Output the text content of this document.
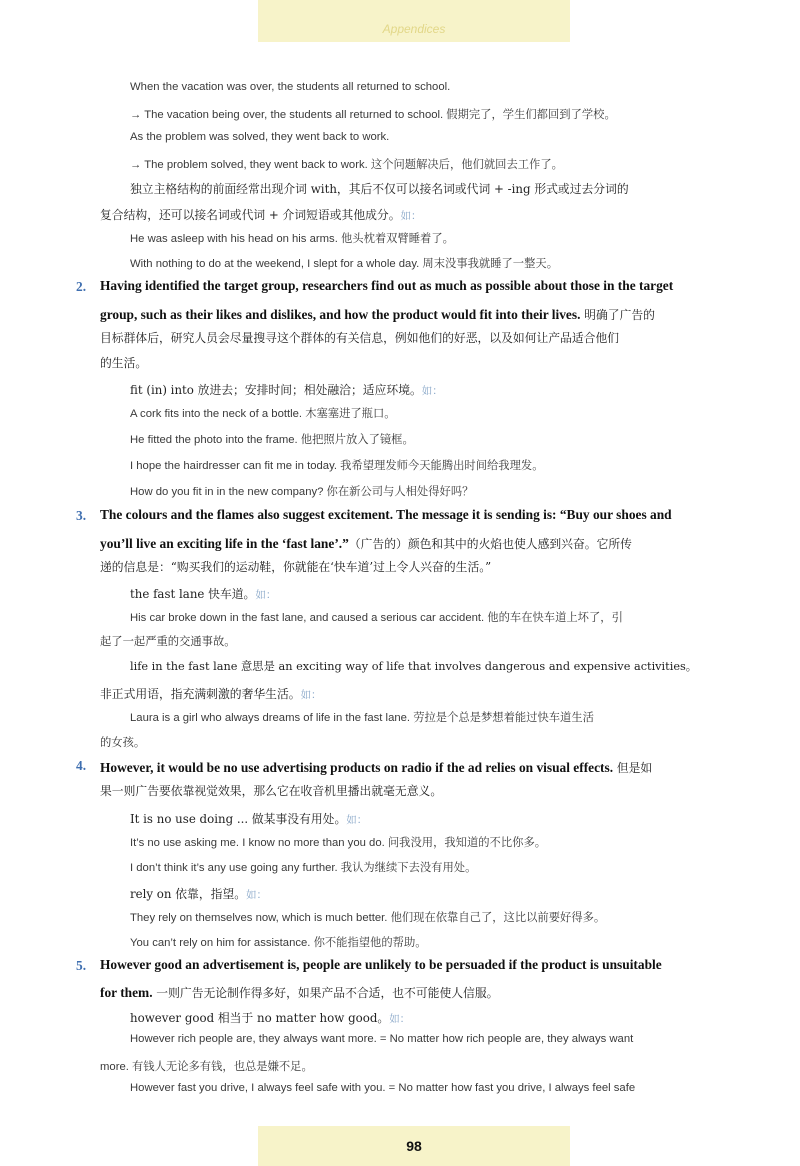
Appendices
When the vacation was over, the students all returned to school.
→ The vacation being over, the students all returned to school. 假期完了，学生们都回到了学校。
As the problem was solved, they went back to work.
→ The problem solved, they went back to work. 这个问题解决后，他们就回去工作了。
独立主格结构的前面经常出现介词 with，其后不仅可以接名词或代词 + -ing 形式或过去分词的
复合结构，还可以接名词或代词 + 介词短语或其他成分。如：
He was asleep with his head on his arms. 他头枕着双臂睡着了。
With nothing to do at the weekend, I slept for a whole day. 周末没事我就睡了一整天。
2. Having identified the target group, researchers find out as much as possible about those in the target
group, such as their likes and dislikes, and how the product would fit into their lives. 明确了广告的
目标群体后，研究人员会尽量搜寻这个群体的有关信息，例如他们的好恶，以及如何让产品适合他们
的生活。
fit (in) into 放进去；安排时间；相处融洽；适应环境。如：
A cork fits into the neck of a bottle. 木塞塞进了瓶口。
He fitted the photo into the frame. 他把照片放入了镜框。
I hope the hairdresser can fit me in today. 我希望理发师今天能腾出时间给我理发。
How do you fit in in the new company? 你在新公司与人相处得好吗？
3. The colours and the flames also suggest excitement. The message it is sending is: “Buy our shoes and
you’ll live an exciting life in the ‘fast lane’.”（广告的）颜色和其中的火焰也使人感到兴奋。它所传
递的信息是：“购买我们的运动鞋，你就能在‘快车道’过上令人兴奋的生活。”
the fast lane 快车道。如：
His car broke down in the fast lane, and caused a serious car accident. 他的车在快车道上坏了，引
起了一起严重的交通事故。
life in the fast lane 意思是 an exciting way of life that involves dangerous and expensive activities。
非正式用语，指充满刺激的奢华生活。如：
Laura is a girl who always dreams of life in the fast lane. 劳拉是个总是梦想着能过快车道生活
的女孩。
4. However, it would be no use advertising products on radio if the ad relies on visual effects. 但是如
果一则广告要依靠视觉效果，那么它在收音机里播出就毫无意义。
It is no use doing ... 做某事没有用处。如：
It’s no use asking me. I know no more than you do. 问我没用，我知道的不比你多。
I don’t think it’s any use going any further. 我认为继续下去没有用处。
rely on 依靠，指望。如：
They rely on themselves now, which is much better. 他们现在依靠自己了，这比以前要好得多。
You can’t rely on him for assistance. 你不能指望他的帮助。
5. However good an advertisement is, people are unlikely to be persuaded if the product is unsuitable
for them. 一则广告无论制作得多好，如果产品不合适，也不可能使人信服。
however good 相当于 no matter how good。如：
However rich people are, they always want more. = No matter how rich people are, they always want
more. 有钱人无论多有钱，也总是嫌不足。
However fast you drive, I always feel safe with you. = No matter how fast you drive, I always feel safe
98
